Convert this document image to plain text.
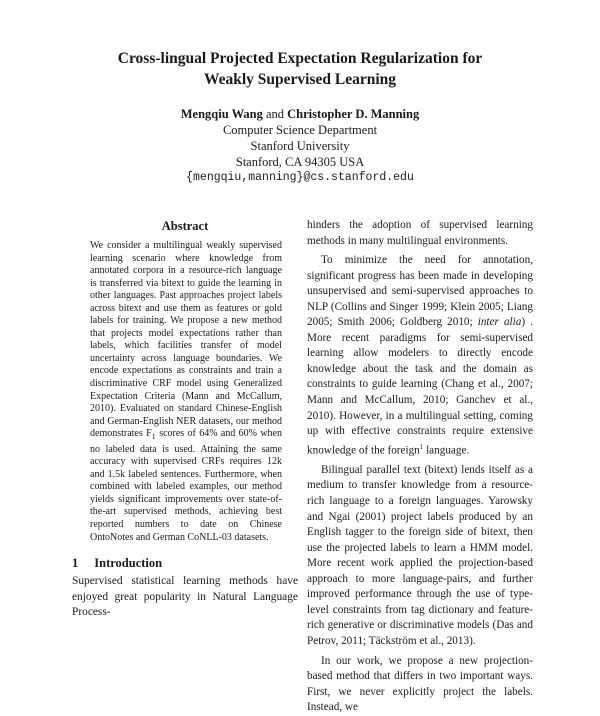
Cross-lingual Projected Expectation Regularization for
Weakly Supervised Learning
Mengqiu Wang and Christopher D. Manning
Computer Science Department
Stanford University
Stanford, CA 94305 USA
{mengqiu,manning}@cs.stanford.edu
Abstract
We consider a multilingual weakly supervised learning scenario where knowledge from annotated corpora in a resource-rich language is transferred via bitext to guide the learning in other languages. Past approaches project labels across bitext and use them as features or gold labels for training. We propose a new method that projects model expectations rather than labels, which facilities transfer of model uncertainty across language boundaries. We encode expectations as constraints and train a discriminative CRF model using Generalized Expectation Criteria (Mann and McCallum, 2010). Evaluated on standard Chinese-English and German-English NER datasets, our method demonstrates $F_1$ scores of 64% and 60% when no labeled data is used. Attaining the same accuracy with supervised CRFs requires 12k and 1.5k labeled sentences. Furthermore, when combined with labeled examples, our method yields significant improvements over state-of-the-art supervised methods, achieving best reported numbers to date on Chinese OntoNotes and German CoNLL-03 datasets.
1 Introduction
Supervised statistical learning methods have enjoyed great popularity in Natural Language Process-

hinders the adoption of supervised learning methods in many multilingual environments.

To minimize the need for annotation, significant progress has been made in developing unsupervised and semi-supervised approaches to NLP (Collins and Singer 1999; Klein 2005; Liang 2005; Smith 2006; Goldberg 2010; inter alia) . More recent paradigms for semi-supervised learning allow modelers to directly encode knowledge about the task and the domain as constraints to guide learning (Chang et al., 2007; Mann and McCallum, 2010; Ganchev et al., 2010). However, in a multilingual setting, coming up with effective constraints require extensive knowledge of the foreign$^1$ language.

Bilingual parallel text (bitext) lends itself as a medium to transfer knowledge from a resource-rich language to a foreign languages. Yarowsky and Ngai (2001) project labels produced by an English tagger to the foreign side of bitext, then use the projected labels to learn a HMM model. More recent work applied the projection-based approach to more language-pairs, and further improved performance through the use of type-level constraints from tag dictionary and feature-rich generative or discriminative models (Das and Petrov, 2011; Täckström et al., 2013).

In our work, we propose a new projection-based method that differs in two important ways. First, we never explicitly project the labels. Instead, we
